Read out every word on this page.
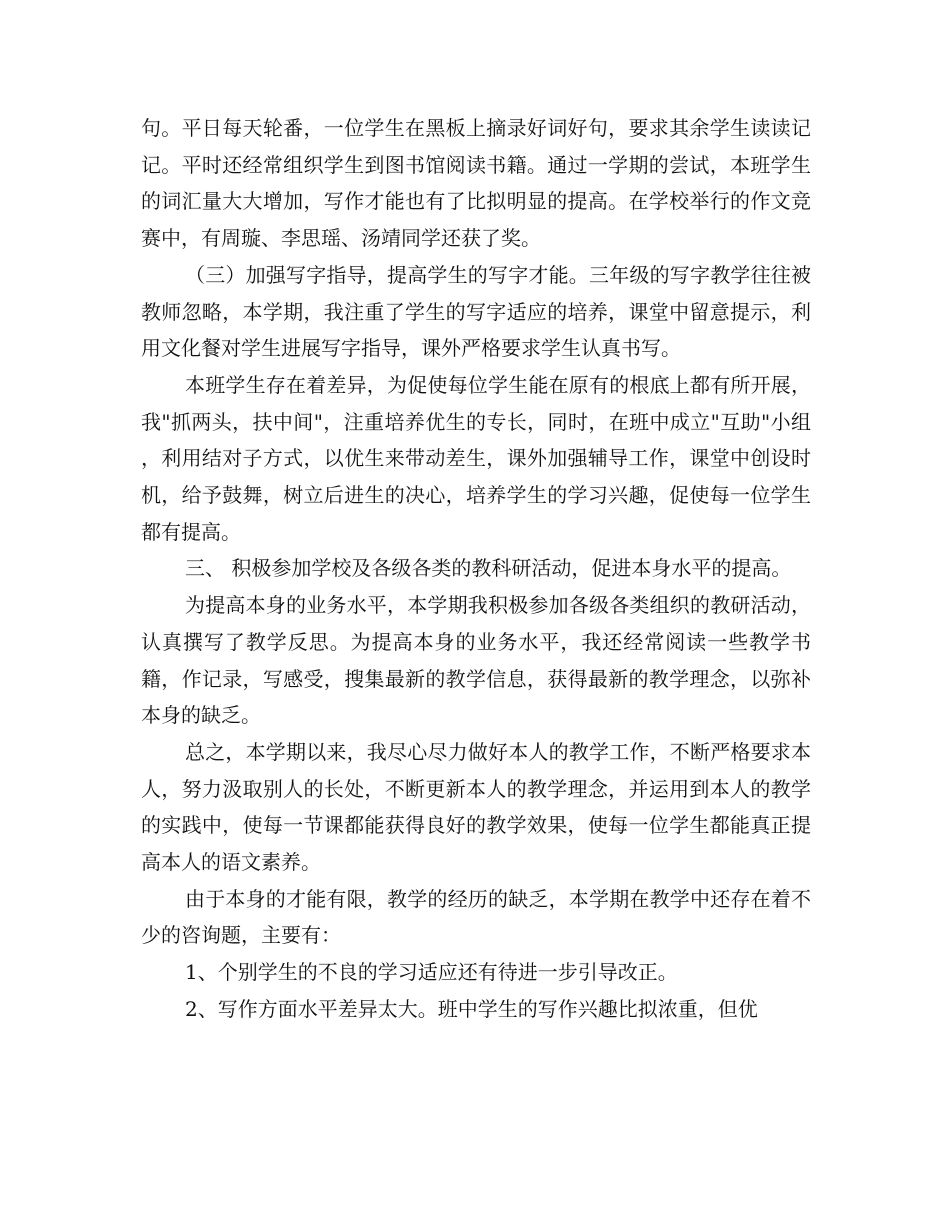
句。平日每天轮番，一位学生在黑板上摘录好词好句，要求其余学生读读记记。平时还经常组织学生到图书馆阅读书籍。通过一学期的尝试，本班学生的词汇量大大增加，写作才能也有了比拟明显的提高。在学校举行的作文竞赛中，有周璇、李思瑶、汤靖同学还获了奖。

（三）加强写字指导，提高学生的写字才能。三年级的写字教学往往被教师忽略，本学期，我注重了学生的写字适应的培养，课堂中留意提示，利用文化餐对学生进展写字指导，课外严格要求学生认真书写。

本班学生存在着差异，为促使每位学生能在原有的根底上都有所开展，我"抓两头，扶中间"，注重培养优生的专长，同时，在班中成立"互助"小组 ，利用结对子方式，以优生来带动差生，课外加强辅导工作，课堂中创设时机，给予鼓舞，树立后进生的决心，培养学生的学习兴趣，促使每一位学生都有提高。

三、 积极参加学校及各级各类的教科研活动，促进本身水平的提高。

为提高本身的业务水平，本学期我积极参加各级各类组织的教研活动，认真撰写了教学反思。为提高本身的业务水平，我还经常阅读一些教学书籍，作记录，写感受，搜集最新的教学信息，获得最新的教学理念，以弥补本身的缺乏。

总之，本学期以来，我尽心尽力做好本人的教学工作，不断严格要求本人，努力汲取别人的长处，不断更新本人的教学理念，并运用到本人的教学的实践中，使每一节课都能获得良好的教学效果，使每一位学生都能真正提高本人的语文素养。

由于本身的才能有限，教学的经历的缺乏，本学期在教学中还存在着不少的咨询题，主要有：

1、个别学生的不良的学习适应还有待进一步引导改正。

2、写作方面水平差异太大。班中学生的写作兴趣比拟浓重，但优
